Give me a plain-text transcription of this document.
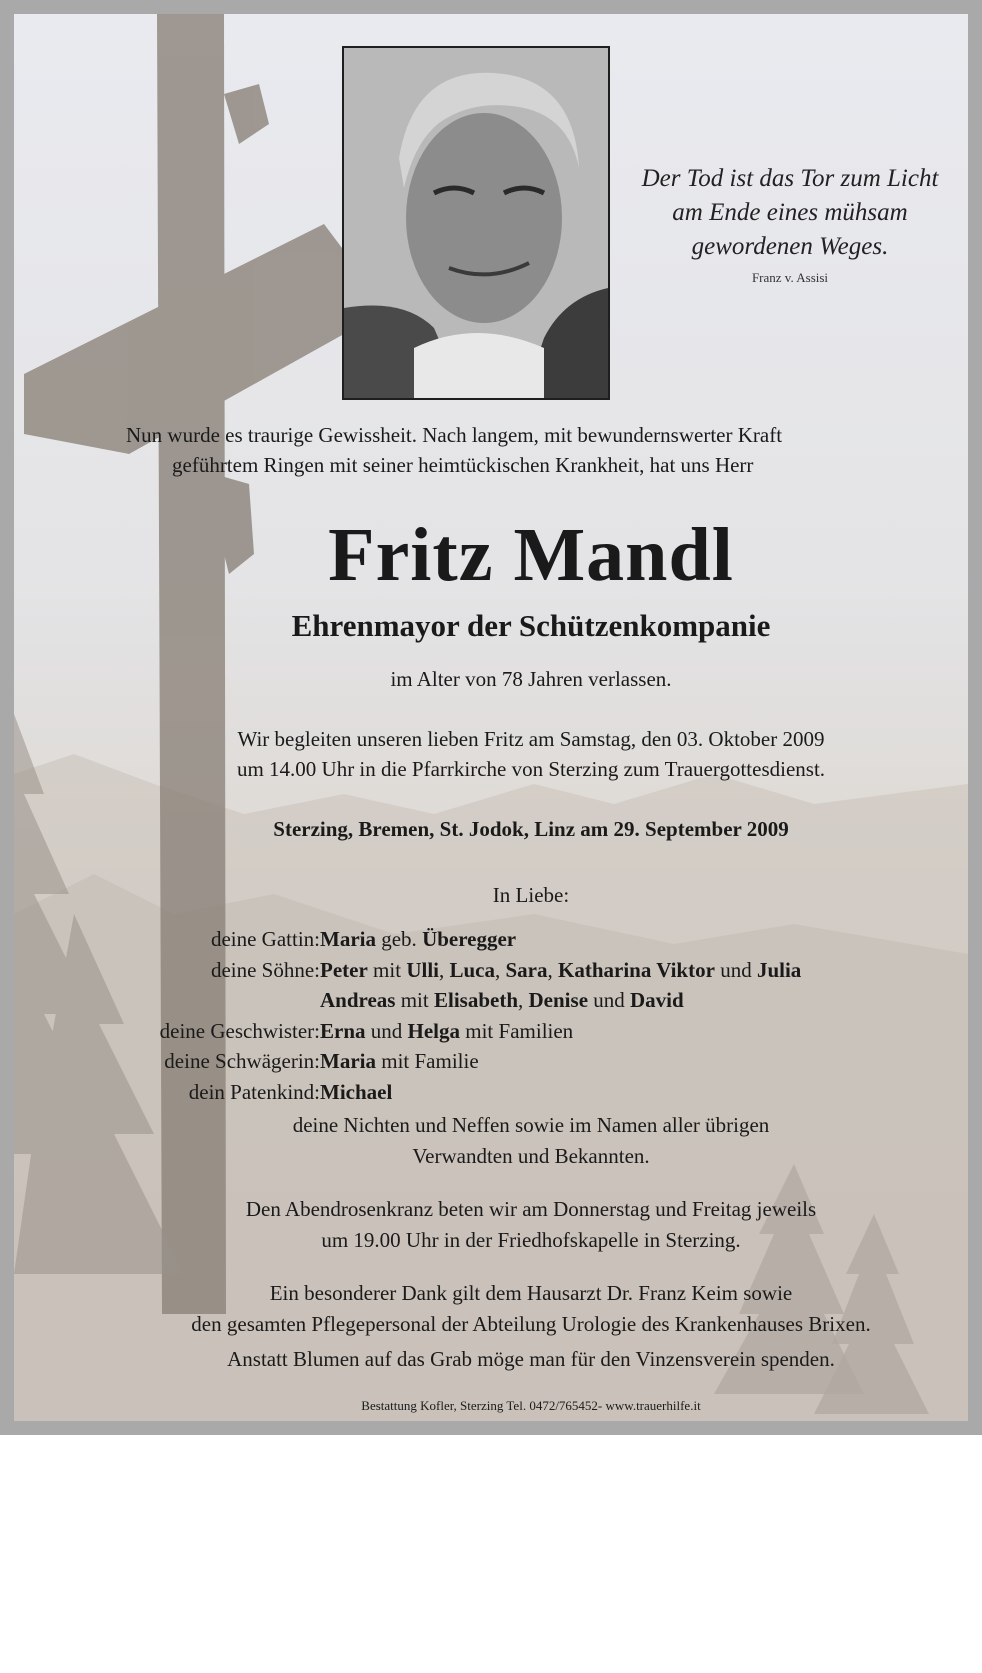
Der Tod ist das Tor zum Licht
am Ende eines mühsam
gewordenen Weges.
Franz v. Assisi

Nun wurde es traurige Gewissheit. Nach langem, mit bewundernswerter Kraft

geführtem Ringen mit seiner heimtückischen Krankheit, hat uns Herr

Fritz Mandl
Ehrenmayor der Schützenkompanie
im Alter von 78 Jahren verlassen.

Wir begleiten unseren lieben Fritz am Samstag, den 03. Oktober 2009

um 14.00 Uhr in die Pfarrkirche von Sterzing zum Trauergottesdienst.

Sterzing, Bremen, St. Jodok, Linz am 29. September 2009
In Liebe:
deine Gattin: Maria geb. Überegger
deine Söhne: Peter mit Ulli, Luca, Sara, Katharina Viktor und Julia
Andreas mit Elisabeth, Denise und David
deine Geschwister: Erna und Helga mit Familien
deine Schwägerin: Maria mit Familie
dein Patenkind: Michael

deine Nichten und Neffen sowie im Namen aller übrigen

Verwandten und Bekannten.

Den Abendrosenkranz beten wir am Donnerstag und Freitag jeweils

um 19.00 Uhr in der Friedhofskapelle in Sterzing.

Ein besonderer Dank gilt dem Hausarzt Dr. Franz Keim sowie

den gesamten Pflegepersonal der Abteilung Urologie des Krankenhauses Brixen.

Anstatt Blumen auf das Grab möge man für den Vinzensverein spenden.

Bestattung Kofler, Sterzing Tel. 0472/765452- www.trauerhilfe.it
